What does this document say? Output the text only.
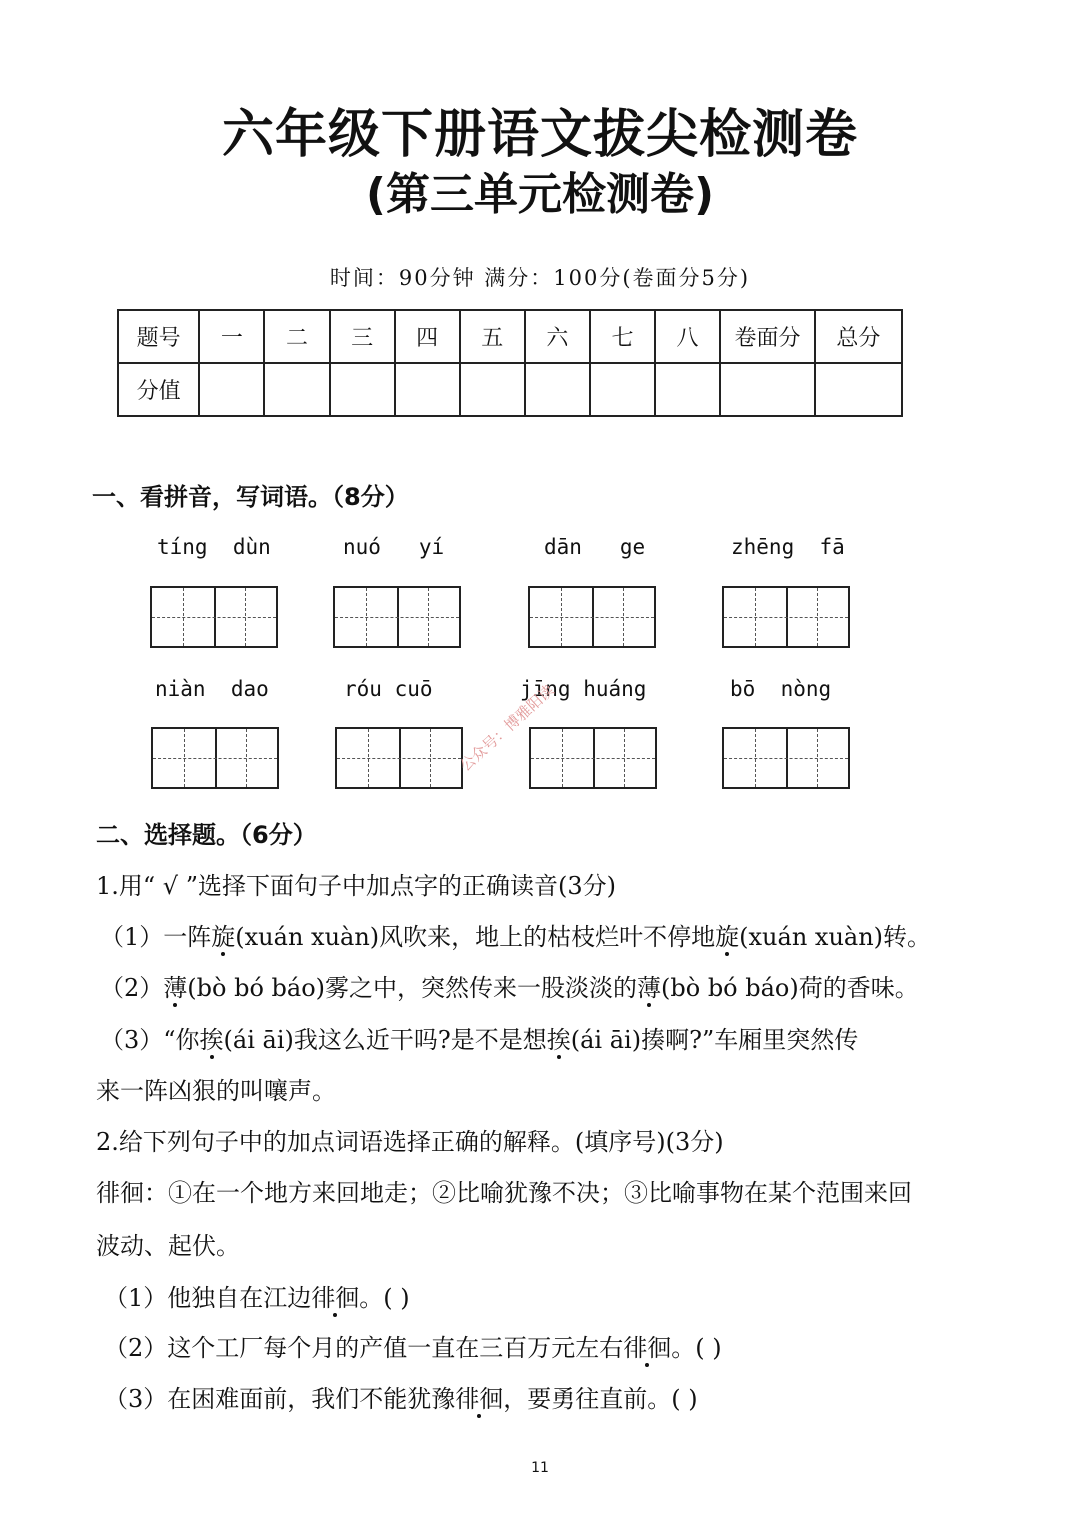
六年级下册语文拔尖检测卷
(第三单元检测卷)
时间：90分钟 满分：100分(卷面分5分)
题号	一	二	三	四	五	六	七	八	卷面分	总分
分值										
一、看拼音，写词语。（8分）
tíng  dùn	nuó   yí	dān   ge	zhēng  fā
niàn  dao	róu cuō	jīng huáng	bō  nòng
公众号：博雅阳读
二、选择题。（6分）
1.用“ √ ”选择下面句子中加点字的正确读音(3分)
（1）一阵旋(xuán xuàn)风吹来，地上的枯枝烂叶不停地旋(xuán xuàn)转。
（2）薄(bò bó báo)雾之中，突然传来一股淡淡的薄(bò bó báo)荷的香味。
（3）“你挨(ái āi)我这么近干吗?是不是想挨(ái āi)揍啊?”车厢里突然传
来一阵凶狠的叫嚷声。
2.给下列句子中的加点词语选择正确的解释。(填序号)(3分)
徘徊：①在一个地方来回地走；②比喻犹豫不决；③比喻事物在某个范围来回
波动、起伏。
（1）他独自在江边徘徊。( )
（2）这个工厂每个月的产值一直在三百万元左右徘徊。( )
（3）在困难面前，我们不能犹豫徘徊，要勇往直前。( )
11
